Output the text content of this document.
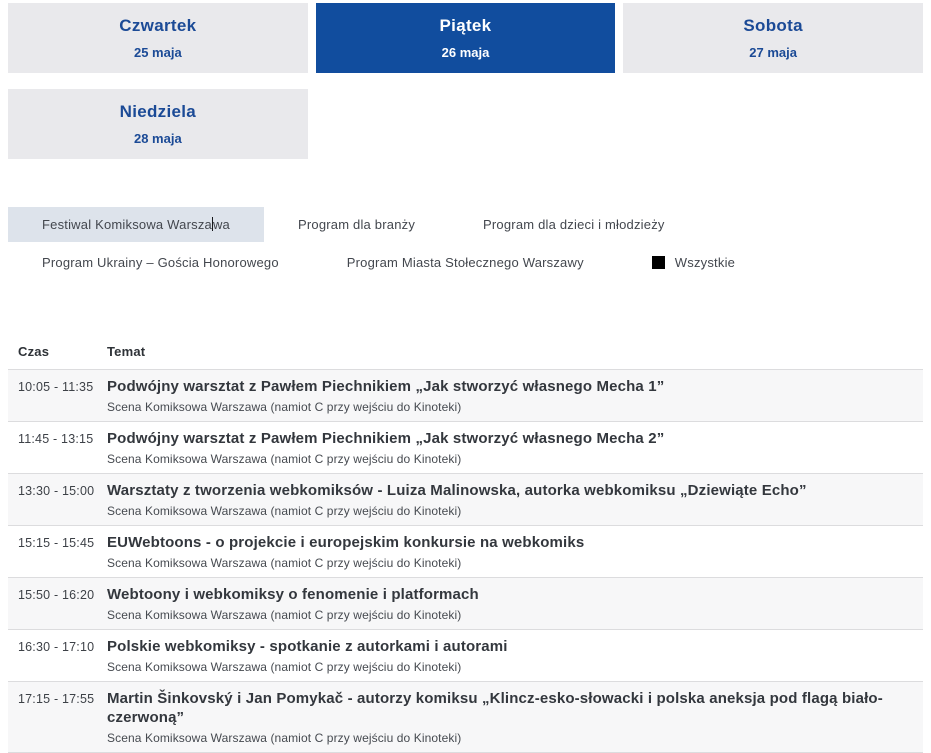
Czwartek
25 maja
Piątek
26 maja
Sobota
27 maja
Niedziela
28 maja
Festiwal Komiksowa Warszawa	Program dla branży	Program dla dzieci i młodzieży
Program Ukrainy – Gościa Honorowego	Program Miasta Stołecznego Warszawy	Wszystkie
Czas	Temat
10:05 - 11:35 Podwójny warsztat z Pawłem Piechnikiem „Jak stworzyć własnego Mecha 1”
Scena Komiksowa Warszawa (namiot C przy wejściu do Kinoteki)
11:45 - 13:15 Podwójny warsztat z Pawłem Piechnikiem „Jak stworzyć własnego Mecha 2”
Scena Komiksowa Warszawa (namiot C przy wejściu do Kinoteki)
13:30 - 15:00 Warsztaty z tworzenia webkomiksów - Luiza Malinowska, autorka webkomiksu „Dziewiąte Echo”
Scena Komiksowa Warszawa (namiot C przy wejściu do Kinoteki)
15:15 - 15:45 EUWebtoons - o projekcie i europejskim konkursie na webkomiks
Scena Komiksowa Warszawa (namiot C przy wejściu do Kinoteki)
15:50 - 16:20 Webtoony i webkomiksy o fenomenie i platformach
Scena Komiksowa Warszawa (namiot C przy wejściu do Kinoteki)
16:30 - 17:10 Polskie webkomiksy - spotkanie z autorkami i autorami
Scena Komiksowa Warszawa (namiot C przy wejściu do Kinoteki)
17:15 - 17:55 Martin Šinkovský i Jan Pomykač - autorzy komiksu „Klincz-esko-słowacki i polska aneksja pod flagą biało-czerwoną”
Scena Komiksowa Warszawa (namiot C przy wejściu do Kinoteki)
